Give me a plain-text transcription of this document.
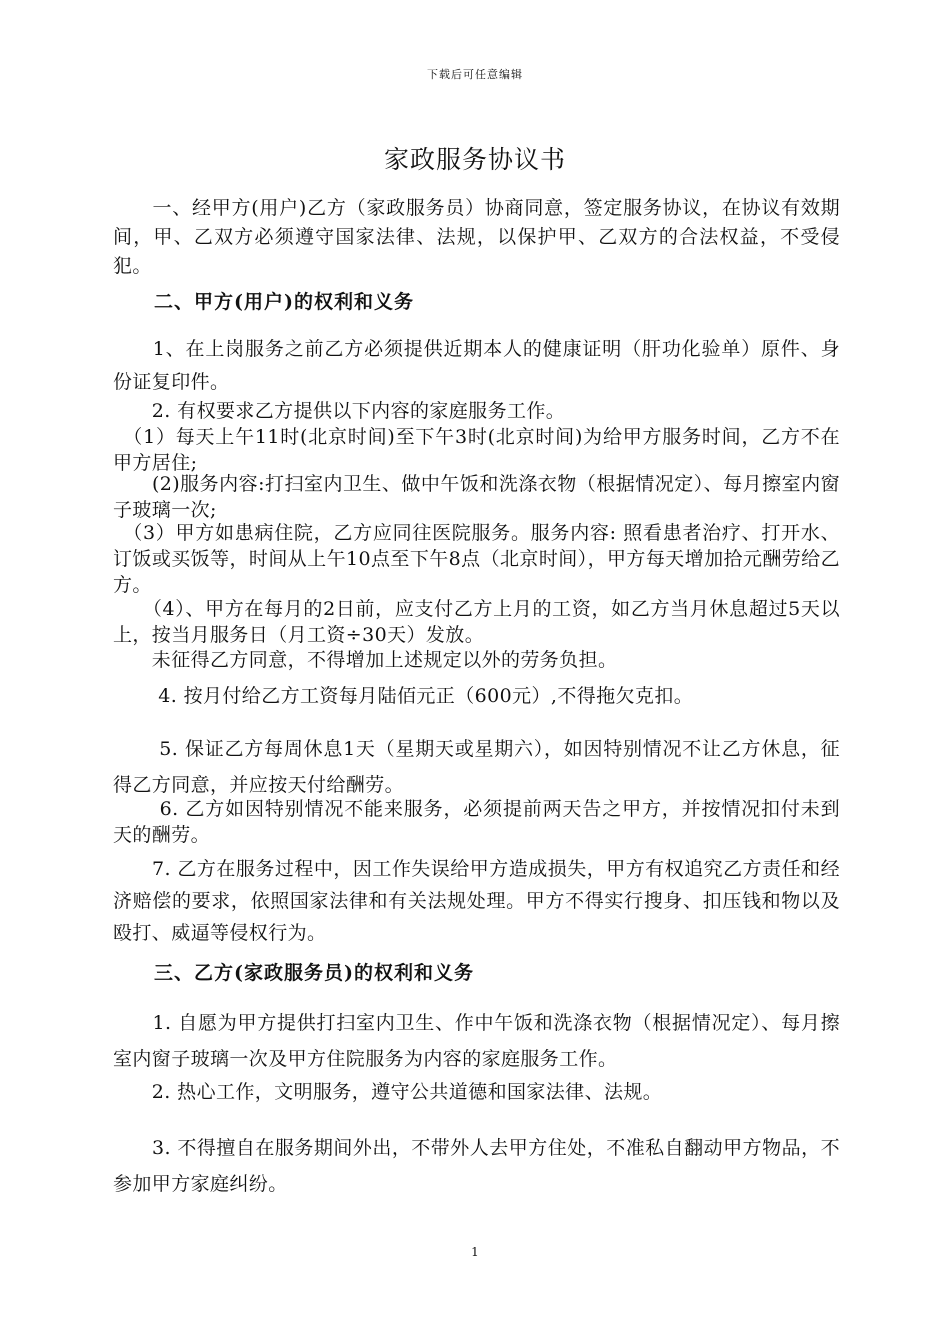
下载后可任意编辑
家政服务协议书
　　一、经甲方(用户)乙方（家政服务员）协商同意，签定服务协议，在协议有效期间，甲、乙双方必须遵守国家法律、法规，以保护甲、乙双方的合法权益，不受侵犯。
二、甲方(用户)的权利和义务
　　1、在上岗服务之前乙方必须提供近期本人的健康证明（肝功化验单）原件、身份证复印件。
　　2. 有权要求乙方提供以下内容的家庭服务工作。
　（1）每天上午11时(北京时间)至下午3时(北京时间)为给甲方服务时间，乙方不在甲方居住;
　　(2)服务内容:打扫室内卫生、做中午饭和洗涤衣物（根据情况定）、每月擦室内窗子玻璃一次;
　（3）甲方如患病住院，乙方应同往医院服务。服务内容: 照看患者治疗、打开水、订饭或买饭等，时间从上午10点至下午8点（北京时间），甲方每天增加拾元酬劳给乙方。
　　（4）、甲方在每月的2日前，应支付乙方上月的工资，如乙方当月休息超过5天以上，按当月服务日（月工资÷30天）发放。
　　未征得乙方同意，不得增加上述规定以外的劳务负担。
　　 4. 按月付给乙方工资每月陆佰元正（600元）,不得拖欠克扣。
　　 5. 保证乙方每周休息1天（星期天或星期六），如因特别情况不让乙方休息，征得乙方同意，并应按天付给酬劳。
　　 6. 乙方如因特别情况不能来服务，必须提前两天告之甲方，并按情况扣付未到天的酬劳。
　　7. 乙方在服务过程中，因工作失误给甲方造成损失，甲方有权追究乙方责任和经济赔偿的要求，依照国家法律和有关法规处理。甲方不得实行搜身、扣压钱和物以及殴打、威逼等侵权行为。
三、乙方(家政服务员)的权利和义务
　　1. 自愿为甲方提供打扫室内卫生、作中午饭和洗涤衣物（根据情况定）、每月擦室内窗子玻璃一次及甲方住院服务为内容的家庭服务工作。
　　2. 热心工作，文明服务，遵守公共道德和国家法律、法规。
　　3. 不得擅自在服务期间外出，不带外人去甲方住处，不准私自翻动甲方物品，不参加甲方家庭纠纷。
1
